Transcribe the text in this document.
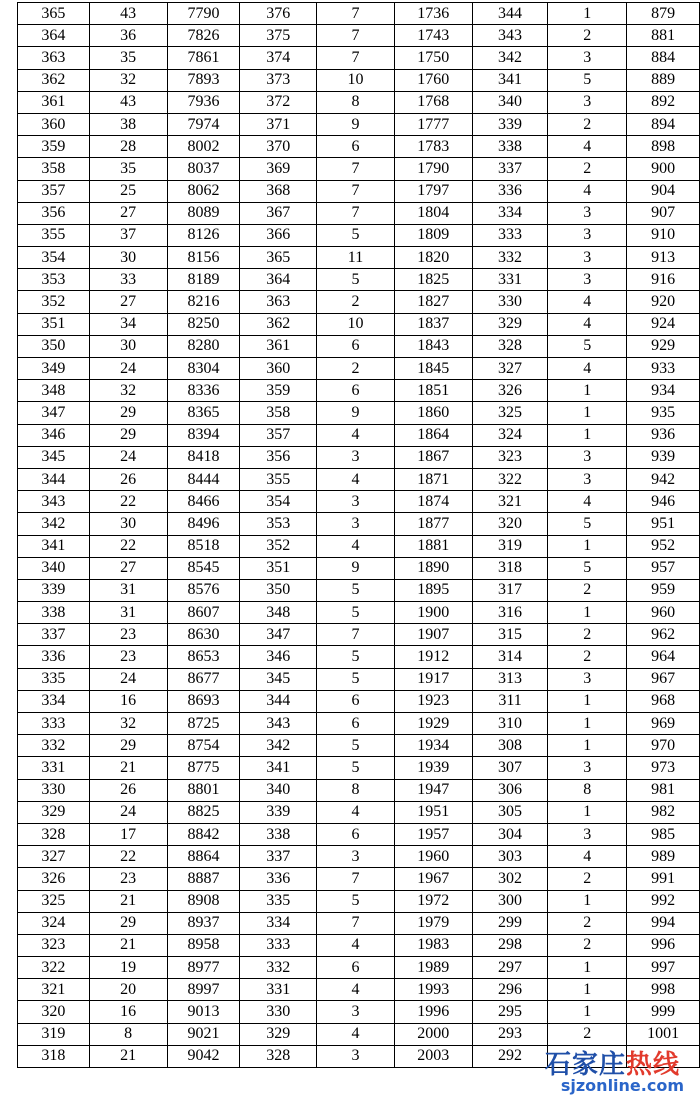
365	43	7790	376	7	1736	344	1	879
364	36	7826	375	7	1743	343	2	881
363	35	7861	374	7	1750	342	3	884
362	32	7893	373	10	1760	341	5	889
361	43	7936	372	8	1768	340	3	892
360	38	7974	371	9	1777	339	2	894
359	28	8002	370	6	1783	338	4	898
358	35	8037	369	7	1790	337	2	900
357	25	8062	368	7	1797	336	4	904
356	27	8089	367	7	1804	334	3	907
355	37	8126	366	5	1809	333	3	910
354	30	8156	365	11	1820	332	3	913
353	33	8189	364	5	1825	331	3	916
352	27	8216	363	2	1827	330	4	920
351	34	8250	362	10	1837	329	4	924
350	30	8280	361	6	1843	328	5	929
349	24	8304	360	2	1845	327	4	933
348	32	8336	359	6	1851	326	1	934
347	29	8365	358	9	1860	325	1	935
346	29	8394	357	4	1864	324	1	936
345	24	8418	356	3	1867	323	3	939
344	26	8444	355	4	1871	322	3	942
343	22	8466	354	3	1874	321	4	946
342	30	8496	353	3	1877	320	5	951
341	22	8518	352	4	1881	319	1	952
340	27	8545	351	9	1890	318	5	957
339	31	8576	350	5	1895	317	2	959
338	31	8607	348	5	1900	316	1	960
337	23	8630	347	7	1907	315	2	962
336	23	8653	346	5	1912	314	2	964
335	24	8677	345	5	1917	313	3	967
334	16	8693	344	6	1923	311	1	968
333	32	8725	343	6	1929	310	1	969
332	29	8754	342	5	1934	308	1	970
331	21	8775	341	5	1939	307	3	973
330	26	8801	340	8	1947	306	8	981
329	24	8825	339	4	1951	305	1	982
328	17	8842	338	6	1957	304	3	985
327	22	8864	337	3	1960	303	4	989
326	23	8887	336	7	1967	302	2	991
325	21	8908	335	5	1972	300	1	992
324	29	8937	334	7	1979	299	2	994
323	21	8958	333	4	1983	298	2	996
322	19	8977	332	6	1989	297	1	997
321	20	8997	331	4	1993	296	1	998
320	16	9013	330	3	1996	295	1	999
319	8	9021	329	4	2000	293	2	1001
318	21	9042	328	3	2003	292		石家庄热线
sjzonline.com
